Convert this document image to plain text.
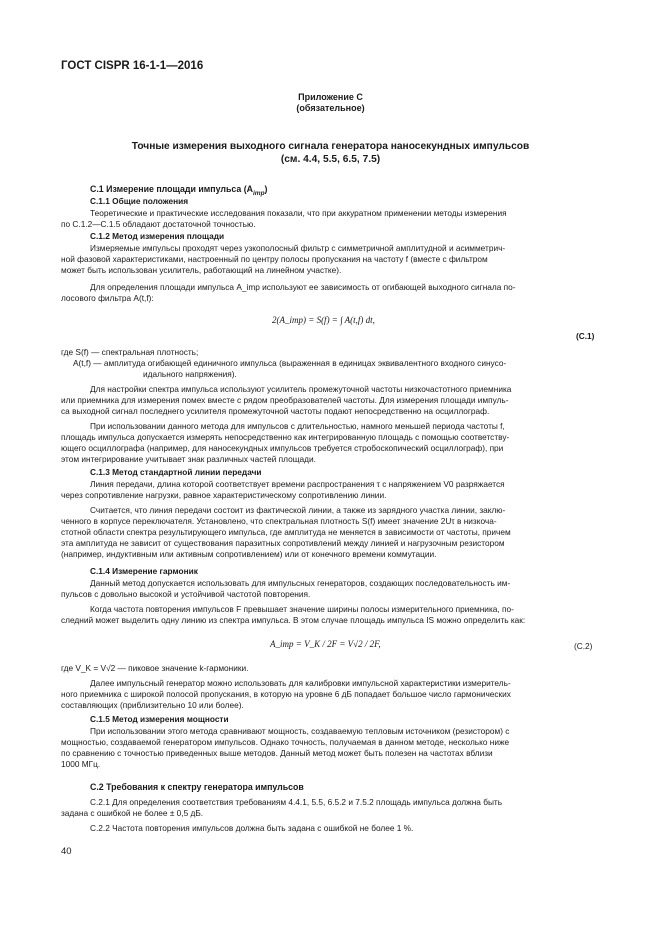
ГОСТ CISPR 16-1-1—2016
Приложение С
(обязательное)
Точные измерения выходного сигнала генератора наносекундных импульсов
(см. 4.4, 5.5, 6.5, 7.5)
С.1 Измерение площади импульса $(A_{imp})$
С.1.1 Общие положения
Теоретические и практические исследования показали, что при аккуратном применении методы измерения
по С.1.2—С.1.5 обладают достаточной точностью.
С.1.2 Метод измерения площади
Измеряемые импульсы проходят через узкополосный фильтр с симметричной амплитудной и асимметрич-
ной фазовой характеристиками, настроенный по центру полосы пропускания на частоту f (вместе с фильтром
может быть использован усилитель, работающий на линейном участке).
Для определения площади импульса A_imp используют ее зависимость от огибающей выходного сигнала по-
лосового фильтра A(t,f):
2(A_imp) = S(f) = ∫ A(t,f) dt,
(С.1)
где S(f) — спектральная плотность;
A(t,f) — амплитуда огибающей единичного импульса (выраженная в единицах эквивалентного входного синусо-
идального напряжения).
Для настройки спектра импульса используют усилитель промежуточной частоты низкочастотного приемника
или приемника для измерения помех вместе с рядом преобразователей частоты. Для измерения площади импуль-
са выходной сигнал последнего усилителя промежуточной частоты подают непосредственно на осциллограф.
При использовании данного метода для импульсов с длительностью, намного меньшей периода частоты f,
площадь импульса допускается измерять непосредственно как интегрированную площадь с помощью соответству-
ющего осциллографа (например, для наносекундных импульсов требуется стробоскопический осциллограф), при
этом интегрирование учитывает знак различных частей площади.
С.1.3 Метод стандартной линии передачи
Линия передачи, длина которой соответствует времени распространения τ с напряжением V0 разряжается
через сопротивление нагрузки, равное характеристическому сопротивлению линии.
Считается, что линия передачи состоит из фактической линии, а также из зарядного участка линии, заклю-
ченного в корпусе переключателя. Установлено, что спектральная плотность S(f) имеет значение 2Uτ в низкоча-
стотной области спектра результирующего импульса, где амплитуда не меняется в зависимости от частоты, причем
эта амплитуда не зависит от существования паразитных сопротивлений между линией и нагрузочным резистором
(например, индуктивным или активным сопротивлением) или от конечного времени коммутации.
С.1.4 Измерение гармоник
Данный метод допускается использовать для импульсных генераторов, создающих последовательность им-
пульсов с довольно высокой и устойчивой частотой повторения.
Когда частота повторения импульсов F превышает значение ширины полосы измерительного приемника, по-
следний может выделить одну линию из спектра импульса. В этом случае площадь импульса IS можно определить как:
A_imp = V_K / 2F = V√2 / 2F,	(С.2)
где V_K = V√2 — пиковое значение k-гармоники.
Далее импульсный генератор можно использовать для калибровки импульсной характеристики измеритель-
ного приемника с широкой полосой пропускания, в которую на уровне 6 дБ попадает большое число гармонических
составляющих (приблизительно 10 или более).
С.1.5 Метод измерения мощности
При использовании этого метода сравнивают мощность, создаваемую тепловым источником (резистором) с
мощностью, создаваемой генератором импульсов. Однако точность, получаемая в данном методе, несколько ниже
по сравнению с точностью приведенных выше методов. Данный метод может быть полезен на частотах вблизи
1000 МГц.
С.2 Требования к спектру генератора импульсов
С.2.1 Для определения соответствия требованиям 4.4.1, 5.5, 6.5.2 и 7.5.2 площадь импульса должна быть
задана с ошибкой не более ± 0,5 дБ.
С.2.2 Частота повторения импульсов должна быть задана с ошибкой не более 1 %.
40
